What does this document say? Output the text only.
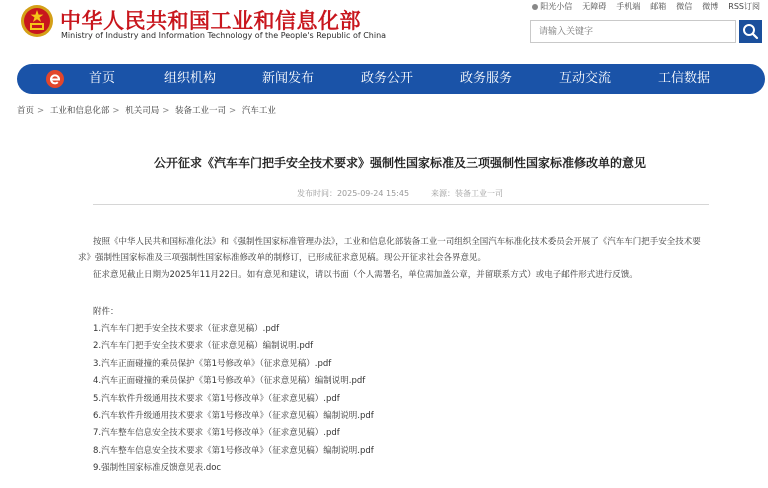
中华人民共和国工业和信息化部
Ministry of Industry and Information Technology of the People's Republic of China
阳光小信 无障碍 手机端 邮箱 微信 微博 RSS订阅
请输入关键字
首页	组织机构	新闻发布	政务公开	政务服务	互动交流	工信数据
首页 > 工业和信息化部 > 机关司局 > 装备工业一司 > 汽车工业
公开征求《汽车车门把手安全技术要求》强制性国家标准及三项强制性国家标准修改单的意见
发布时间：2025-09-24 15:45	来源：装备工业一司
按照《中华人民共和国标准化法》和《强制性国家标准管理办法》，工业和信息化部装备工业一司组织全国汽车标准化技术委员会开展了《汽车车门把手安全技术要求》强制性国家标准及三项强制性国家标准修改单的制修订，已形成征求意见稿。现公开征求社会各界意见。
征求意见截止日期为2025年11月22日。如有意见和建议，请以书面（个人需署名，单位需加盖公章，并留联系方式）或电子邮件形式进行反馈。
附件：
1.汽车车门把手安全技术要求（征求意见稿）.pdf
2.汽车车门把手安全技术要求（征求意见稿）编制说明.pdf
3.汽车正面碰撞的乘员保护《第1号修改单》（征求意见稿）.pdf
4.汽车正面碰撞的乘员保护《第1号修改单》（征求意见稿）编制说明.pdf
5.汽车软件升级通用技术要求《第1号修改单》（征求意见稿）.pdf
6.汽车软件升级通用技术要求《第1号修改单》（征求意见稿）编制说明.pdf
7.汽车整车信息安全技术要求《第1号修改单》（征求意见稿）.pdf
8.汽车整车信息安全技术要求《第1号修改单》（征求意见稿）编制说明.pdf
9.强制性国家标准反馈意见表.doc
